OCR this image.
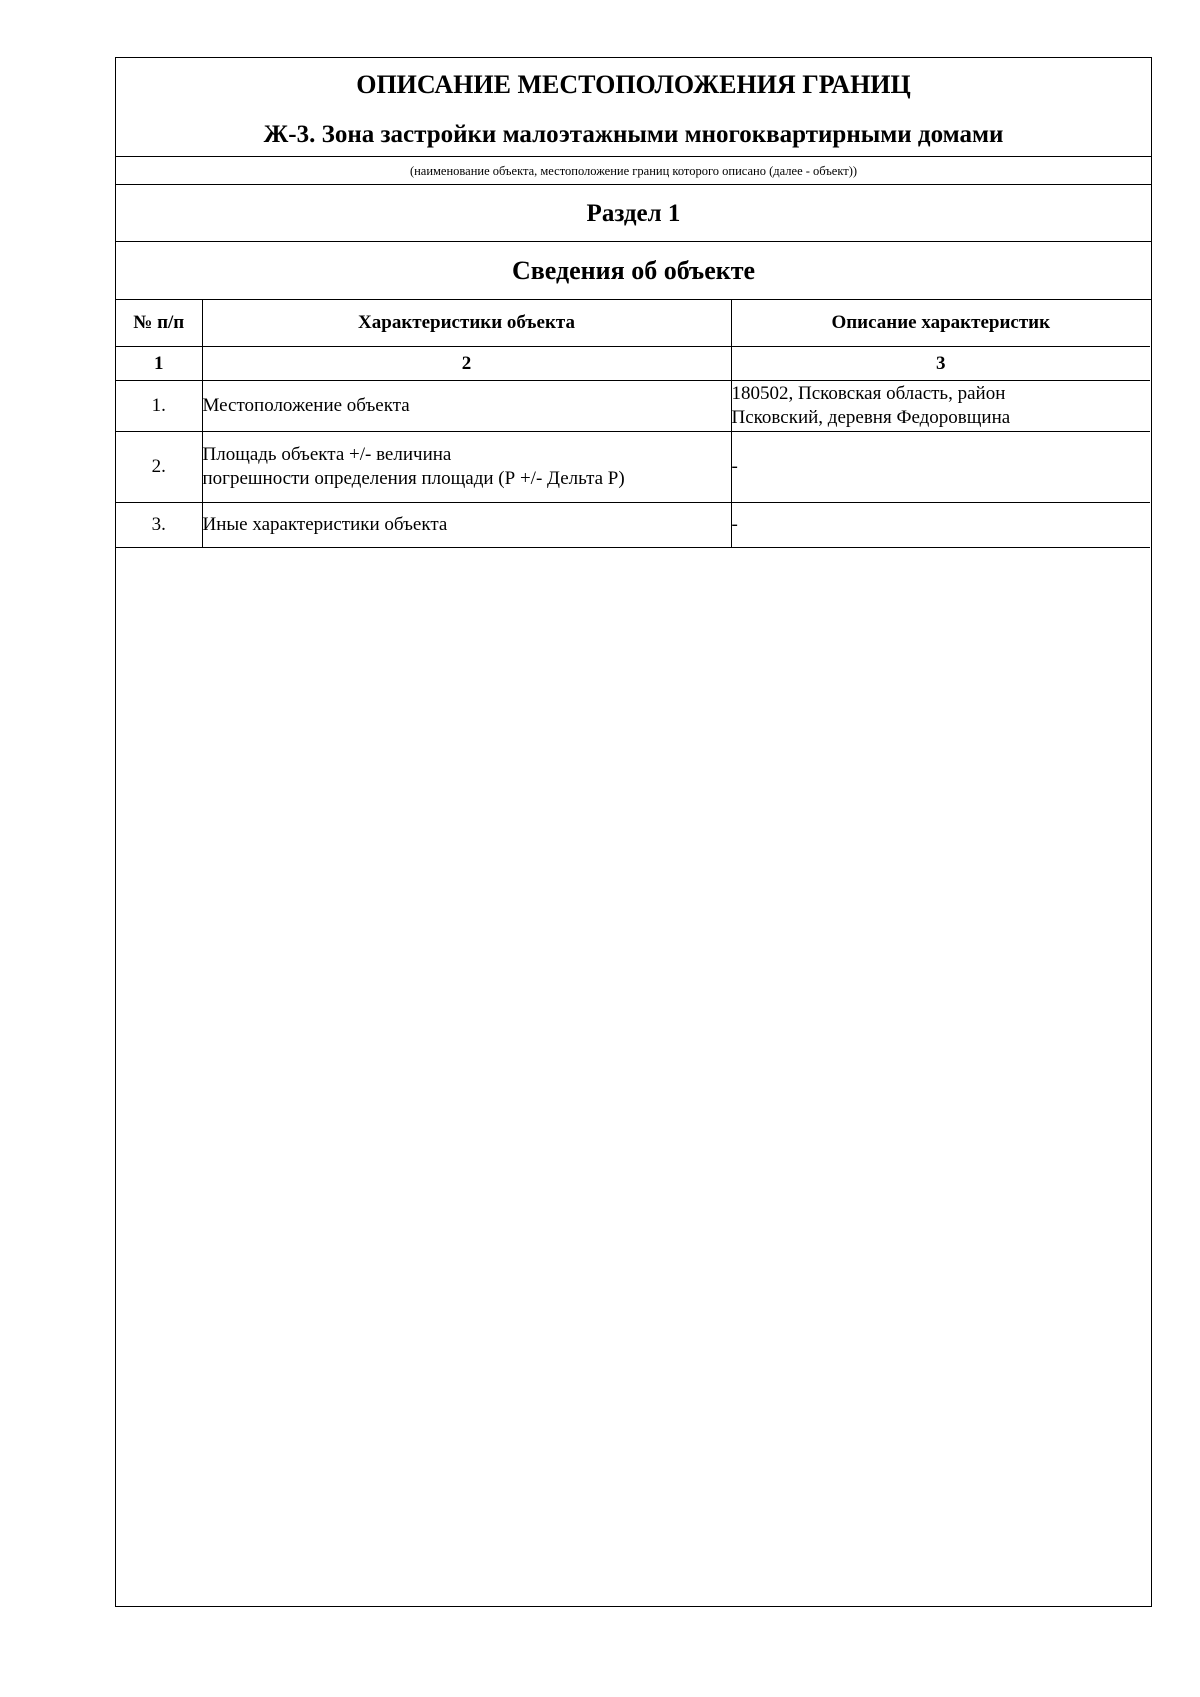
ОПИСАНИЕ МЕСТОПОЛОЖЕНИЯ ГРАНИЦ
Ж-3. Зона застройки малоэтажными многоквартирными домами
(наименование объекта, местоположение границ которого описано (далее - объект))
Раздел 1
Сведения об объекте
№ п/п	Характеристики объекта	Описание характеристик
1	2	3
1.	Местоположение объекта	180502, Псковская область, район
Псковский, деревня Федоровщина
2.	Площадь объекта +/- величина
погрешности определения площади (Р +/- Дельта Р)	-
3.	Иные характеристики объекта	-
